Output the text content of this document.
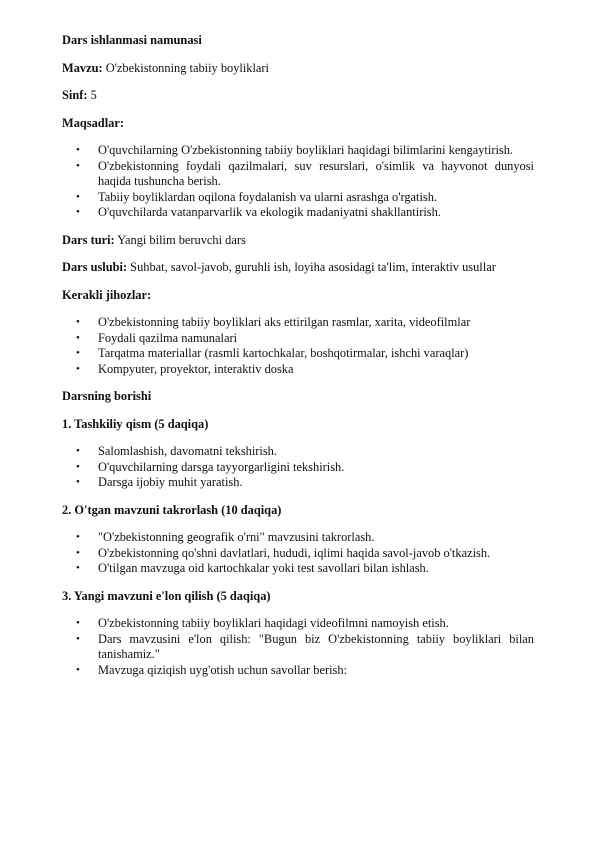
Dars ishlanmasi namunasi

Mavzu: O'zbekistonning tabiiy boyliklari

Sinf: 5

Maqsadlar:

• O'quvchilarning O'zbekistonning tabiiy boyliklari haqidagi bilimlarini kengaytirish.
• O'zbekistonning foydali qazilmalari, suv resurslari, o'simlik va hayvonot dunyosi haqida tushuncha berish.
• Tabiiy boyliklardan oqilona foydalanish va ularni asrashga o'rgatish.
• O'quvchilarda vatanparvarlik va ekologik madaniyatni shakllantirish.

Dars turi: Yangi bilim beruvchi dars

Dars uslubi: Suhbat, savol-javob, guruhli ish, loyiha asosidagi ta'lim, interaktiv usullar

Kerakli jihozlar:

• O'zbekistonning tabiiy boyliklari aks ettirilgan rasmlar, xarita, videofilmlar
• Foydali qazilma namunalari
• Tarqatma materiallar (rasmli kartochkalar, boshqotirmalar, ishchi varaqlar)
• Kompyuter, proyektor, interaktiv doska

Darsning borishi

1. Tashkiliy qism (5 daqiqa)

• Salomlashish, davomatni tekshirish.
• O'quvchilarning darsga tayyorgarligini tekshirish.
• Darsga ijobiy muhit yaratish.

2. O'tgan mavzuni takrorlash (10 daqiqa)

• "O'zbekistonning geografik o'rni" mavzusini takrorlash.
• O'zbekistonning qo'shni davlatlari, hududi, iqlimi haqida savol-javob o'tkazish.
• O'tilgan mavzuga oid kartochkalar yoki test savollari bilan ishlash.

3. Yangi mavzuni e'lon qilish (5 daqiqa)

• O'zbekistonning tabiiy boyliklari haqidagi videofilmni namoyish etish.
• Dars mavzusini e'lon qilish: "Bugun biz O'zbekistonning tabiiy boyliklari bilan tanishamiz."
• Mavzuga qiziqish uyg'otish uchun savollar berish:
